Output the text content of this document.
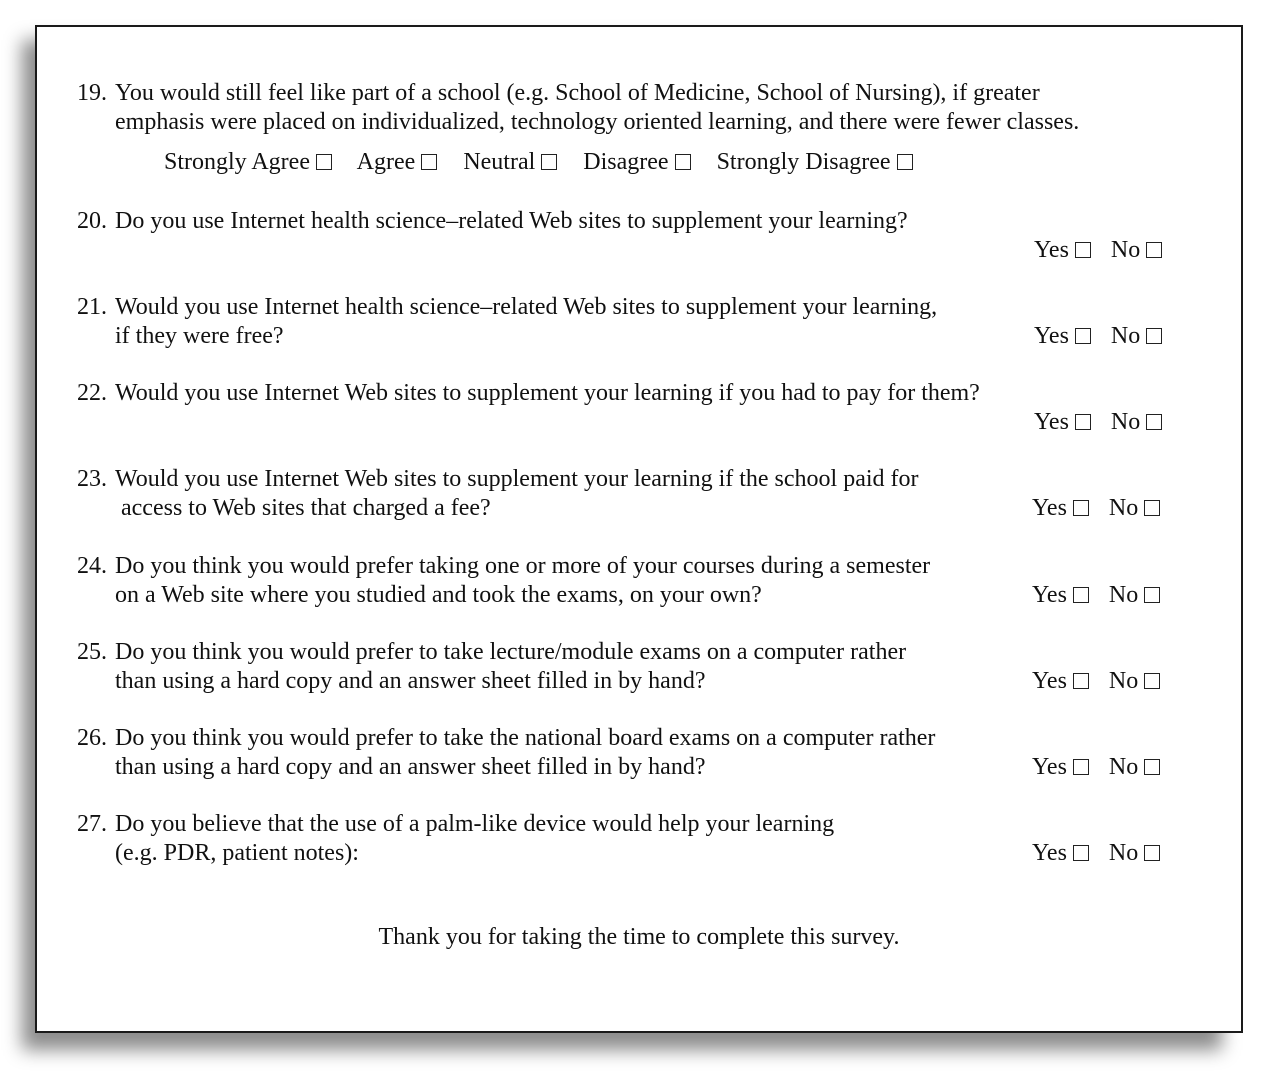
19. You would still feel like part of a school (e.g. School of Medicine, School of Nursing), if greater
emphasis were placed on individualized, technology oriented learning, and there were fewer classes.
Strongly Agree Agree Neutral Disagree Strongly Disagree
20. Do you use Internet health science–related Web sites to supplement your learning?
Yes No
21. Would you use Internet health science–related Web sites to supplement your learning,
if they were free?	Yes No
22. Would you use Internet Web sites to supplement your learning if you had to pay for them?
Yes No
23. Would you use Internet Web sites to supplement your learning if the school paid for
access to Web sites that charged a fee?	Yes No
24. Do you think you would prefer taking one or more of your courses during a semester
on a Web site where you studied and took the exams, on your own?	Yes No
25. Do you think you would prefer to take lecture/module exams on a computer rather
than using a hard copy and an answer sheet filled in by hand?	Yes No
26. Do you think you would prefer to take the national board exams on a computer rather
than using a hard copy and an answer sheet filled in by hand?	Yes No
27. Do you believe that the use of a palm-like device would help your learning
(e.g. PDR, patient notes):	Yes No
Thank you for taking the time to complete this survey.
